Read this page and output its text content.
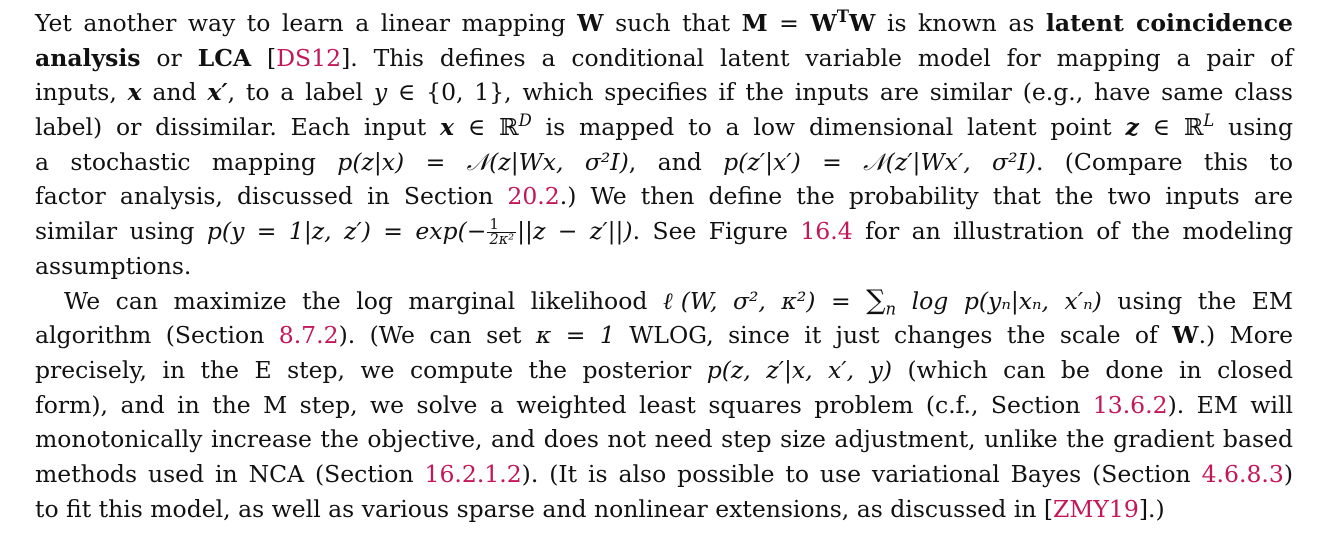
Yet another way to learn a linear mapping W such that $M = W^TW$ is known as latent coincidence
analysis or LCA [DS12]. This defines a conditional latent variable model for mapping a pair of
inputs, x and x′, to a label y ∈ {0, 1}, which specifies if the inputs are similar (e.g., have same class
label) or dissimilar. Each input x ∈ ℝ$^D$ is mapped to a low dimensional latent point z ∈ ℝ$^L$ using
a stochastic mapping p(z|x) = 𝒩(z|Wx, σ²I), and p(z′|x′) = 𝒩(z′|Wx′, σ²I). (Compare this to
factor analysis, discussed in Section 20.2.) We then define the probability that the two inputs are
similar using p(y = 1|z, $z') = \exp(- \frac{1}{\text{2κ²}} ||z - z'||)$. See Figure 16.4 for an illustration of the modeling
assumptions.
We can maximize the log marginal likelihood ℓ(W, σ², $\kappa^2) = \sum_n$ log p(yₙ|xₙ, x′ₙ) using the EM
algorithm (Section 8.7.2). (We can set κ = 1 WLOG, since it just changes the scale of W.) More
precisely, in the E step, we compute the posterior p(z, z′|x, x′, y) (which can be done in closed
form), and in the M step, we solve a weighted least squares problem (c.f., Section 13.6.2). EM will
monotonically increase the objective, and does not need step size adjustment, unlike the gradient based
methods used in NCA (Section 16.2.1.2). (It is also possible to use variational Bayes (Section 4.6.8.3)
to fit this model, as well as various sparse and nonlinear extensions, as discussed in [ZMY19].)
